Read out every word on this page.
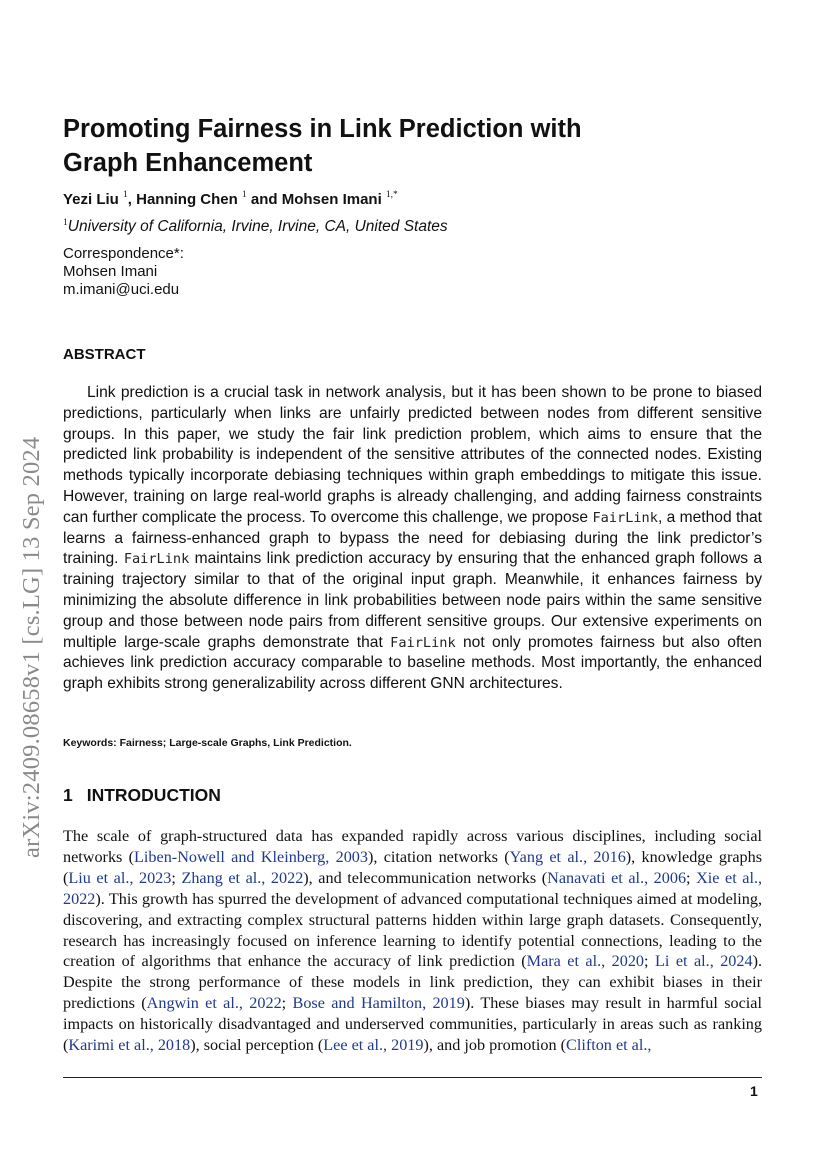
arXiv:2409.08658v1 [cs.LG] 13 Sep 2024
Promoting Fairness in Link Prediction with
Graph Enhancement
Yezi Liu $^1$, Hanning Chen $^1$ and Mohsen Imani $^{1,*}$
$^1$University of California, Irvine, Irvine, CA, United States
Correspondence*:
Mohsen Imani
m.imani@uci.edu
ABSTRACT

Link prediction is a crucial task in network analysis, but it has been shown to be prone to biased predictions, particularly when links are unfairly predicted between nodes from different sensitive groups. In this paper, we study the fair link prediction problem, which aims to ensure that the predicted link probability is independent of the sensitive attributes of the connected nodes. Existing methods typically incorporate debiasing techniques within graph embeddings to mitigate this issue. However, training on large real-world graphs is already challenging, and adding fairness constraints can further complicate the process. To overcome this challenge, we propose FairLink, a method that learns a fairness-enhanced graph to bypass the need for debiasing during the link predictor’s training. FairLink maintains link prediction accuracy by ensuring that the enhanced graph follows a training trajectory similar to that of the original input graph. Meanwhile, it enhances fairness by minimizing the absolute difference in link probabilities between node pairs within the same sensitive group and those between node pairs from different sensitive groups. Our extensive experiments on multiple large-scale graphs demonstrate that FairLink not only promotes fairness but also often achieves link prediction accuracy comparable to baseline methods. Most importantly, the enhanced graph exhibits strong generalizability across different GNN architectures.

Keywords: Fairness; Large-scale Graphs, Link Prediction.
1 INTRODUCTION

The scale of graph-structured data has expanded rapidly across various disciplines, including social networks (Liben-Nowell and Kleinberg, 2003), citation networks (Yang et al., 2016), knowledge graphs (Liu et al., 2023; Zhang et al., 2022), and telecommunication networks (Nanavati et al., 2006; Xie et al., 2022). This growth has spurred the development of advanced computational techniques aimed at modeling, discovering, and extracting complex structural patterns hidden within large graph datasets. Consequently, research has increasingly focused on inference learning to identify potential connections, leading to the creation of algorithms that enhance the accuracy of link prediction (Mara et al., 2020; Li et al., 2024). Despite the strong performance of these models in link prediction, they can exhibit biases in their predictions (Angwin et al., 2022; Bose and Hamilton, 2019). These biases may result in harmful social impacts on historically disadvantaged and underserved communities, particularly in areas such as ranking (Karimi et al., 2018), social perception (Lee et al., 2019), and job promotion (Clifton et al.,

1
